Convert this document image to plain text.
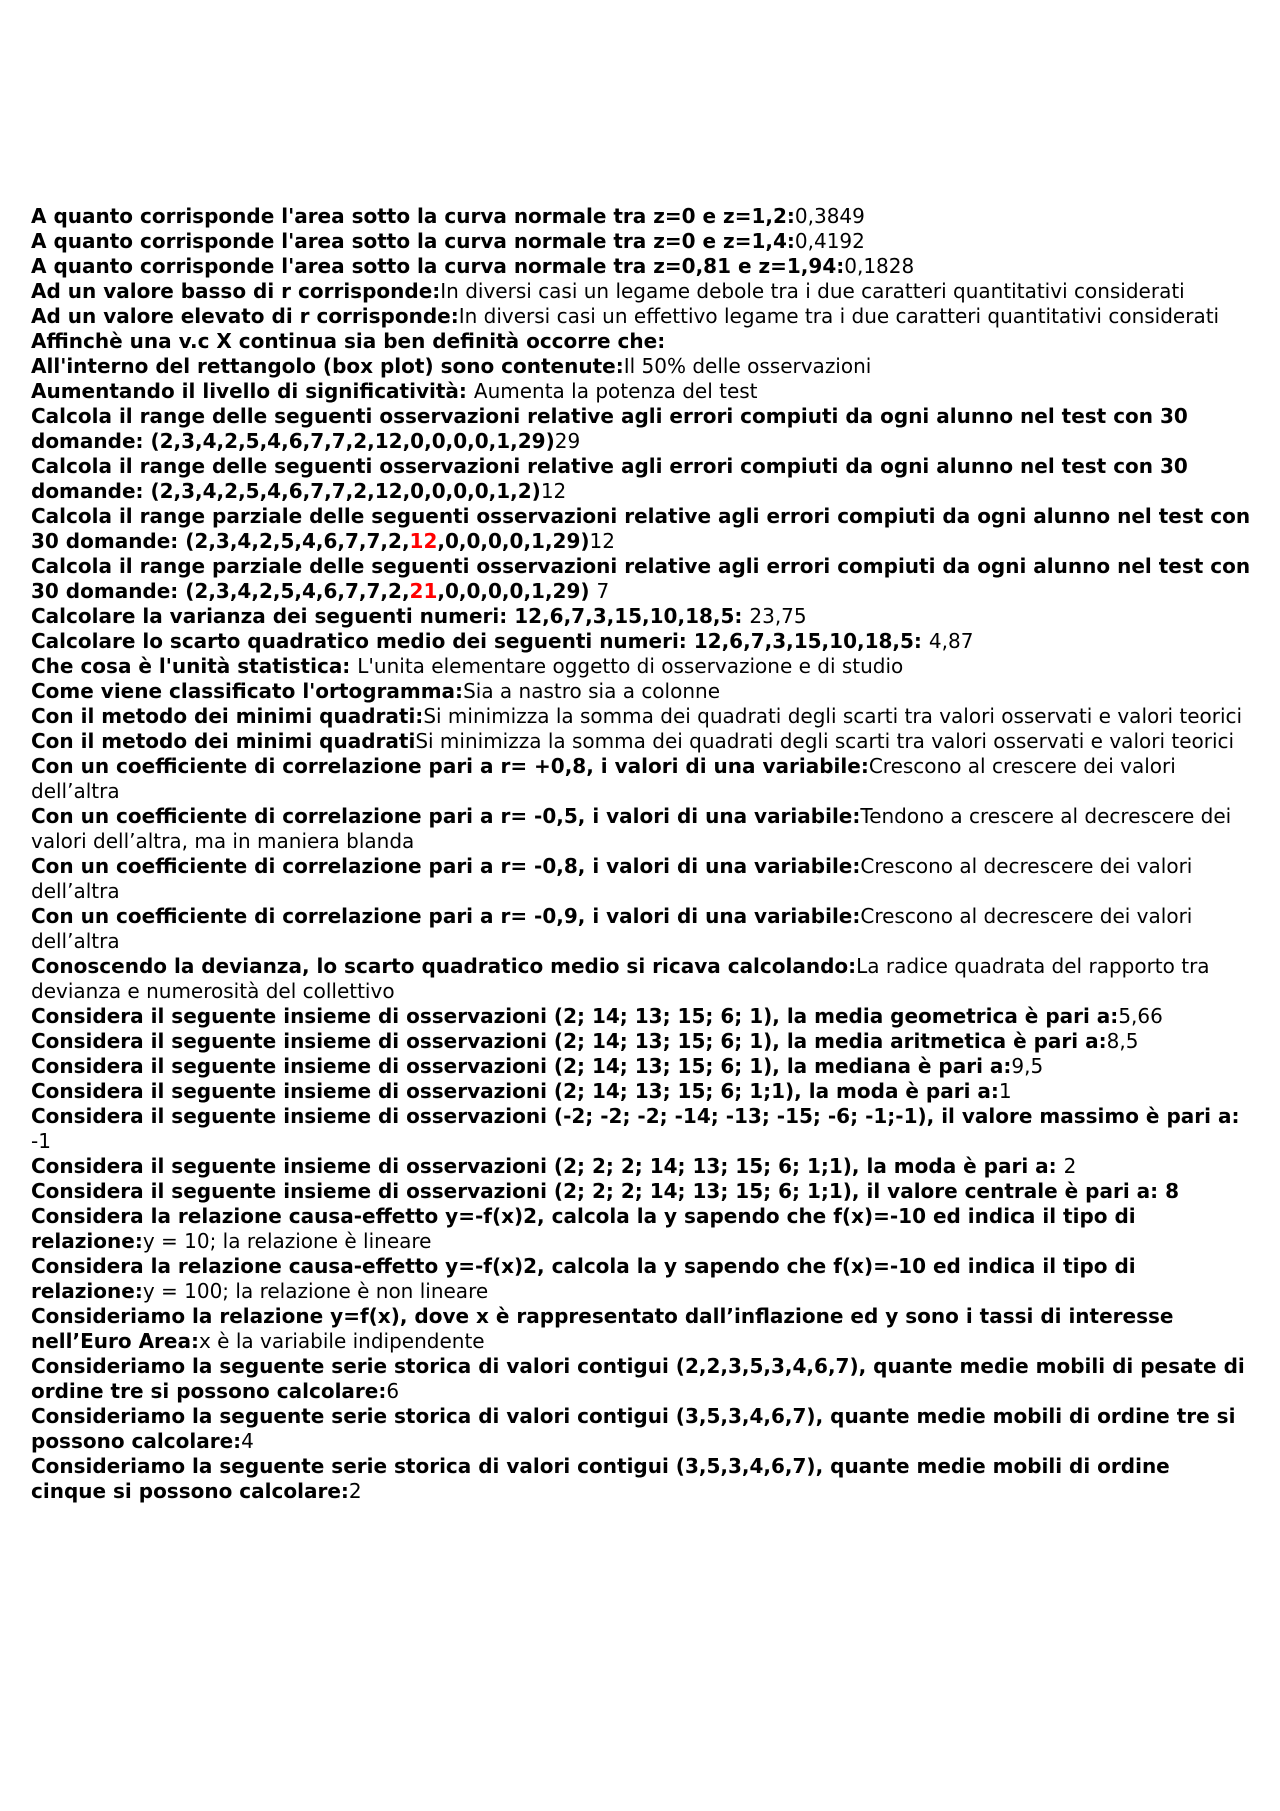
A quanto corrisponde l'area sotto la curva normale tra z=0 e z=1,2:0,3849

A quanto corrisponde l'area sotto la curva normale tra z=0 e z=1,4:0,4192

A quanto corrisponde l'area sotto la curva normale tra z=0,81 e z=1,94:0,1828

Ad un valore basso di r corrisponde:In diversi casi un legame debole tra i due caratteri quantitativi considerati

Ad un valore elevato di r corrisponde:In diversi casi un effettivo legame tra i due caratteri quantitativi considerati

Affinchè una v.c X continua sia ben definità occorre che:

All'interno del rettangolo (box plot) sono contenute:Il 50% delle osservazioni

Aumentando il livello di significatività: Aumenta la potenza del test

Calcola il range delle seguenti osservazioni relative agli errori compiuti da ogni alunno nel test con 30 domande: (2,3,4,2,5,4,6,7,7,2,12,0,0,0,0,1,29)29

Calcola il range delle seguenti osservazioni relative agli errori compiuti da ogni alunno nel test con 30 domande: (2,3,4,2,5,4,6,7,7,2,12,0,0,0,0,1,2)12

Calcola il range parziale delle seguenti osservazioni relative agli errori compiuti da ogni alunno nel test con 30 domande: (2,3,4,2,5,4,6,7,7,2,12,0,0,0,0,1,29)12

Calcola il range parziale delle seguenti osservazioni relative agli errori compiuti da ogni alunno nel test con 30 domande: (2,3,4,2,5,4,6,7,7,2,21,0,0,0,0,1,29) 7

Calcolare la varianza dei seguenti numeri: 12,6,7,3,15,10,18,5: 23,75

Calcolare lo scarto quadratico medio dei seguenti numeri: 12,6,7,3,15,10,18,5: 4,87

Che cosa è l'unità statistica: L'unita elementare oggetto di osservazione e di studio

Come viene classificato l'ortogramma:Sia a nastro sia a colonne

Con il metodo dei minimi quadrati:Si minimizza la somma dei quadrati degli scarti tra valori osservati e valori teorici

Con il metodo dei minimi quadratiSi minimizza la somma dei quadrati degli scarti tra valori osservati e valori teorici

Con un coefficiente di correlazione pari a r= +0,8, i valori di una variabile:Crescono al crescere dei valori dell’altra

Con un coefficiente di correlazione pari a r= -0,5, i valori di una variabile:Tendono a crescere al decrescere dei valori dell’altra, ma in maniera blanda

Con un coefficiente di correlazione pari a r= -0,8, i valori di una variabile:Crescono al decrescere dei valori dell’altra

Con un coefficiente di correlazione pari a r= -0,9, i valori di una variabile:Crescono al decrescere dei valori dell’altra

Conoscendo la devianza, lo scarto quadratico medio si ricava calcolando:La radice quadrata del rapporto tra devianza e numerosità del collettivo

Considera il seguente insieme di osservazioni (2; 14; 13; 15; 6; 1), la media geometrica è pari a:5,66

Considera il seguente insieme di osservazioni (2; 14; 13; 15; 6; 1), la media aritmetica è pari a:8,5

Considera il seguente insieme di osservazioni (2; 14; 13; 15; 6; 1), la mediana è pari a:9,5

Considera il seguente insieme di osservazioni (2; 14; 13; 15; 6; 1;1), la moda è pari a:1

Considera il seguente insieme di osservazioni (-2; -2; -2; -14; -13; -15; -6; -1;-1), il valore massimo è pari a: -1

Considera il seguente insieme di osservazioni (2; 2; 2; 14; 13; 15; 6; 1;1), la moda è pari a: 2

Considera il seguente insieme di osservazioni (2; 2; 2; 14; 13; 15; 6; 1;1), il valore centrale è pari a: 8

Considera la relazione causa-effetto y=-f(x)2, calcola la y sapendo che f(x)=-10 ed indica il tipo di relazione:y = 10; la relazione è lineare

Considera la relazione causa-effetto y=-f(x)2, calcola la y sapendo che f(x)=-10 ed indica il tipo di relazione:y = 100; la relazione è non lineare

Consideriamo la relazione y=f(x), dove x è rappresentato dall’inflazione ed y sono i tassi di interesse nell’Euro Area:x è la variabile indipendente

Consideriamo la seguente serie storica di valori contigui (2,2,3,5,3,4,6,7), quante medie mobili di pesate di ordine tre si possono calcolare:6

Consideriamo la seguente serie storica di valori contigui (3,5,3,4,6,7), quante medie mobili di ordine tre si possono calcolare:4

Consideriamo la seguente serie storica di valori contigui (3,5,3,4,6,7), quante medie mobili di ordine cinque si possono calcolare:2
